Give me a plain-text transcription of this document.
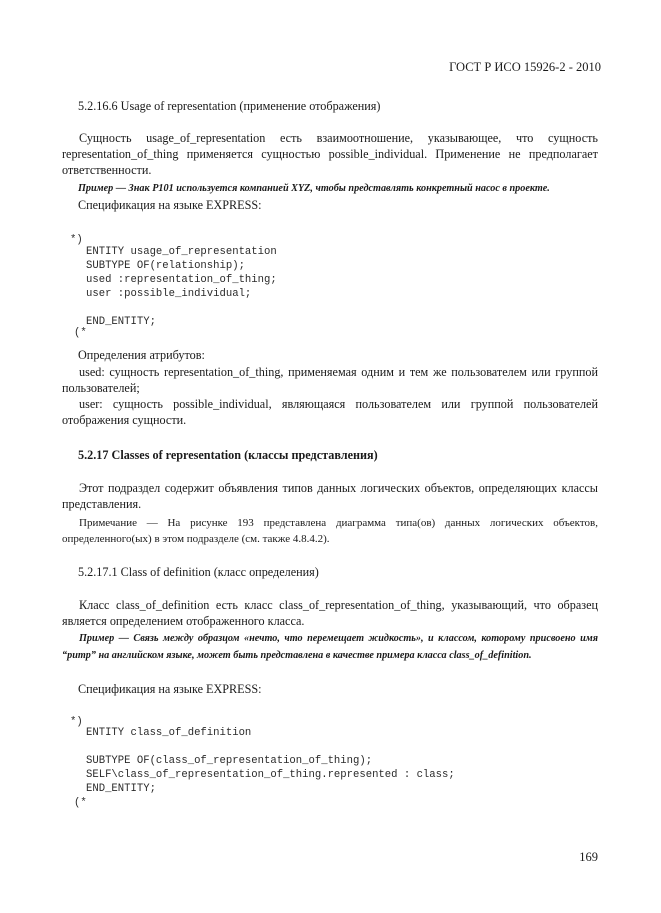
ГОСТ Р ИСО 15926-2 - 2010
5.2.16.6 Usage of representation (применение отображения)

Сущность usage_of_representation есть взаимоотношение, указывающее, что сущность representation_of_thing применяется сущностью possible_individual. Применение не предполагает ответственности.

Пример — Знак Р101 используется компанией XYZ, чтобы представлять конкретный насос в проекте.
Спецификация на языке EXPRESS:
*)
ENTITY usage_of_representation
SUBTYPE OF(relationship);
used :representation_of_thing;
user :possible_individual;
END_ENTITY;
(*
Определения атрибутов:

used: сущность representation_of_thing, применяемая одним и тем же пользователем или группой пользователей;

user: сущность possible_individual, являющаяся пользователем или группой пользователей отображения сущности.

5.2.17 Classes of representation (классы представления)

Этот подраздел содержит объявления типов данных логических объектов, определяющих классы представления.

Примечание — На рисунке 193 представлена диаграмма типа(ов) данных логических объектов, определенного(ых) в этом подразделе (см. также 4.8.4.2).

5.2.17.1 Class of definition (класс определения)

Класс class_of_definition есть класс class_of_representation_of_thing, указывающий, что образец является определением отображенного класса.

Пример — Связь между образцом «нечто, что перемещает жидкость», и классом, которому присвоено имя “pump” на английском языке, может быть представлена в качестве примера класса class_of_definition.

Спецификация на языке EXPRESS:
*)
ENTITY class_of_definition
SUBTYPE OF(class_of_representation_of_thing);
SELF\class_of_representation_of_thing.represented : class;
END_ENTITY;
(*
169
